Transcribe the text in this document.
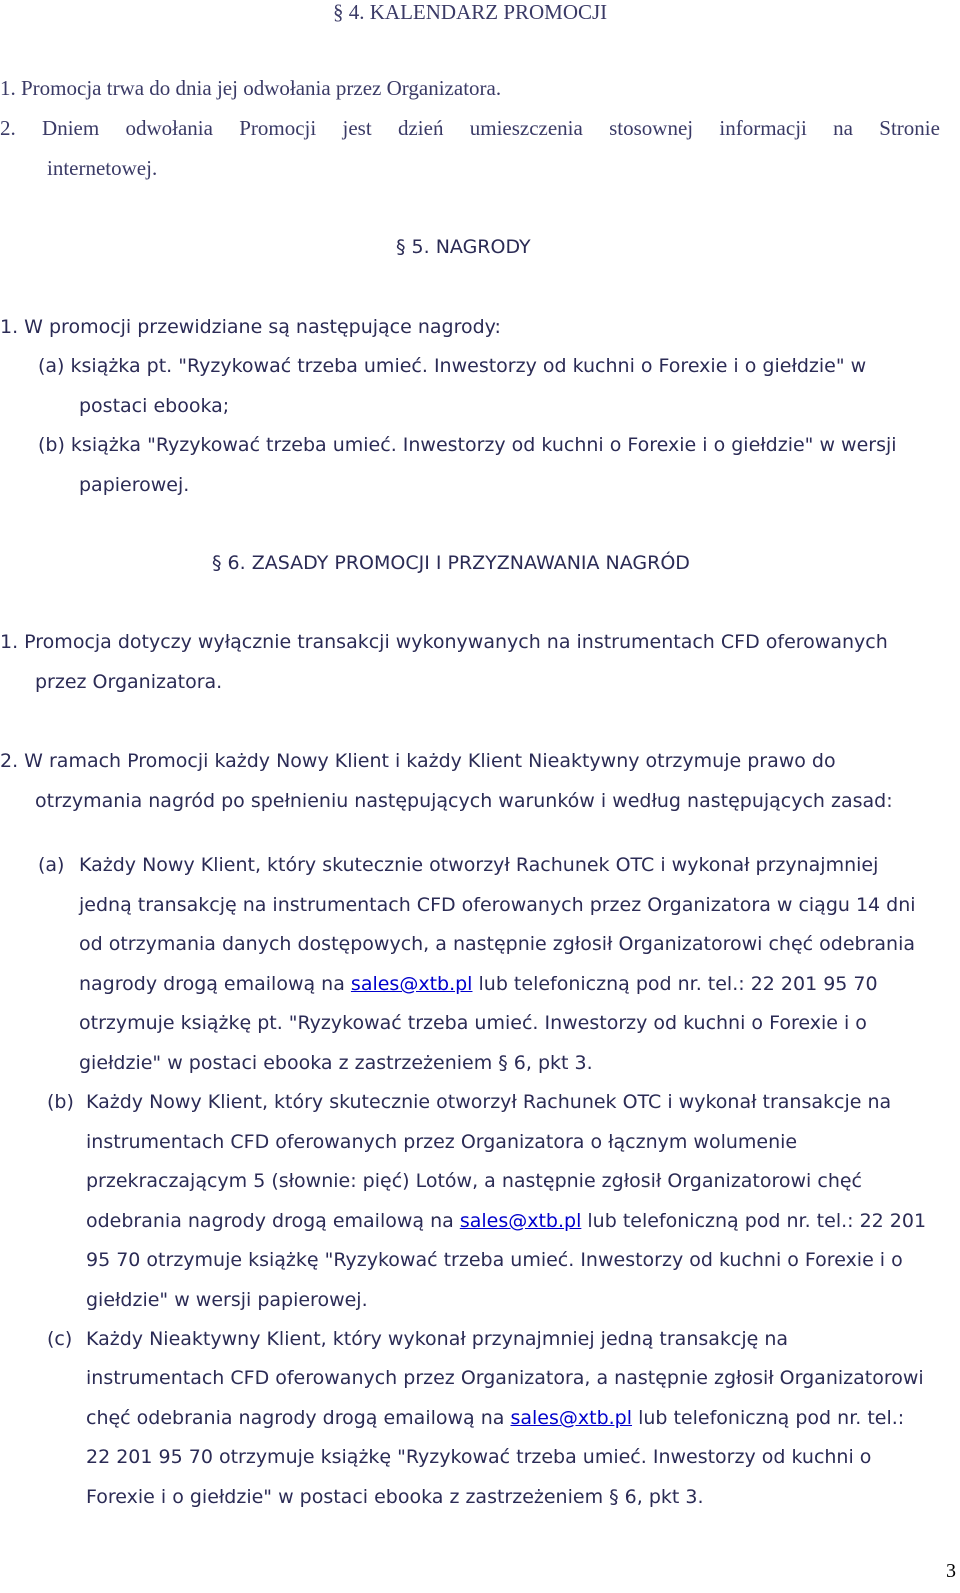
§ 4. KALENDARZ PROMOCJI
1. Promocja trwa do dnia jej odwołania przez Organizatora.
2. Dniem odwołania Promocji jest dzień umieszczenia stosownej informacji na Stronie
internetowej.
§ 5. NAGRODY
1. W promocji przewidziane są następujące nagrody:
(a) książka pt. "Ryzykować trzeba umieć. Inwestorzy od kuchni o Forexie i o giełdzie" w
postaci ebooka;
(b) książka "Ryzykować trzeba umieć. Inwestorzy od kuchni o Forexie i o giełdzie" w wersji
papierowej.
§ 6. ZASADY PROMOCJI I PRZYZNAWANIA NAGRÓD
1. Promocja dotyczy wyłącznie transakcji wykonywanych na instrumentach CFD oferowanych
przez Organizatora.
2. W ramach Promocji każdy Nowy Klient i każdy Klient Nieaktywny otrzymuje prawo do
otrzymania nagród po spełnieniu następujących warunków i według następujących zasad:
(a) Każdy Nowy Klient, który skutecznie otworzył Rachunek OTC i wykonał przynajmniej
jedną transakcję na instrumentach CFD oferowanych przez Organizatora w ciągu 14 dni
od otrzymania danych dostępowych, a następnie zgłosił Organizatorowi chęć odebrania
nagrody drogą emailową na sales@xtb.pl lub telefoniczną pod nr. tel.: 22 201 95 70
otrzymuje książkę pt. "Ryzykować trzeba umieć. Inwestorzy od kuchni o Forexie i o
giełdzie" w postaci ebooka z zastrzeżeniem § 6, pkt 3.
(b) Każdy Nowy Klient, który skutecznie otworzył Rachunek OTC i wykonał transakcje na
instrumentach CFD oferowanych przez Organizatora o łącznym wolumenie
przekraczającym 5 (słownie: pięć) Lotów, a następnie zgłosił Organizatorowi chęć
odebrania nagrody drogą emailową na sales@xtb.pl lub telefoniczną pod nr. tel.: 22 201
95 70 otrzymuje książkę "Ryzykować trzeba umieć. Inwestorzy od kuchni o Forexie i o
giełdzie" w wersji papierowej.
(c) Każdy Nieaktywny Klient, który wykonał przynajmniej jedną transakcję na
instrumentach CFD oferowanych przez Organizatora, a następnie zgłosił Organizatorowi
chęć odebrania nagrody drogą emailową na sales@xtb.pl lub telefoniczną pod nr. tel.:
22 201 95 70 otrzymuje książkę "Ryzykować trzeba umieć. Inwestorzy od kuchni o
Forexie i o giełdzie" w postaci ebooka z zastrzeżeniem § 6, pkt 3.
3
